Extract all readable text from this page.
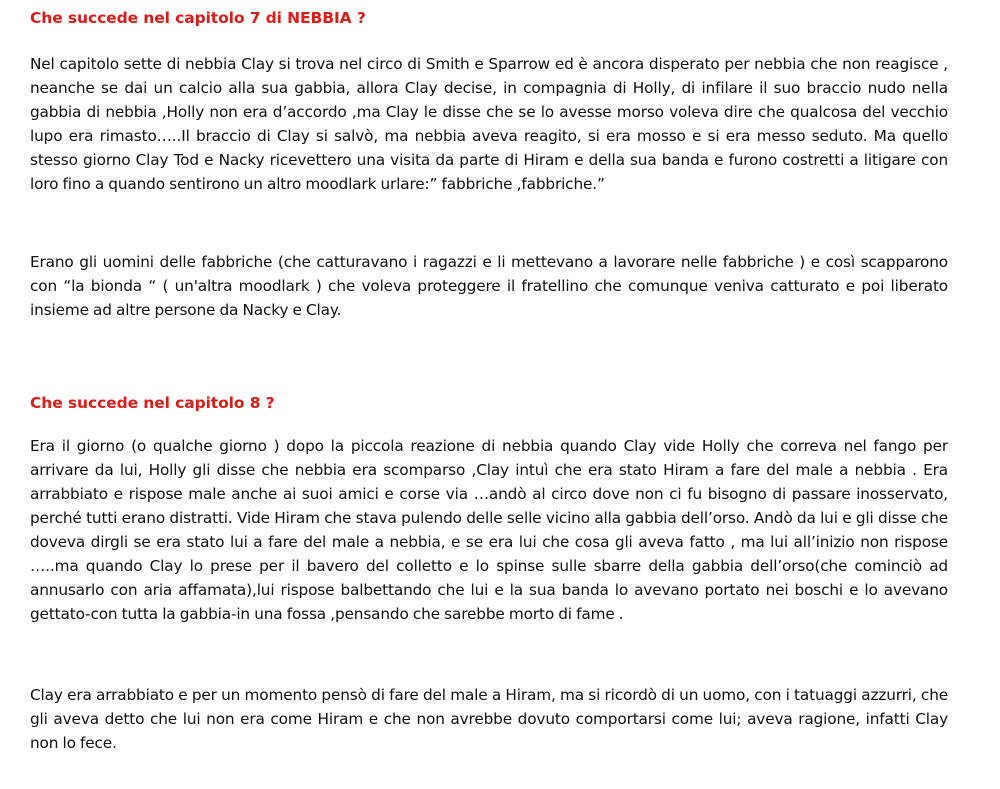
Che succede nel capitolo 7 di NEBBIA ?

Nel capitolo sette di nebbia Clay si trova nel circo di Smith e Sparrow ed è ancora disperato per nebbia che non reagisce , neanche se dai un calcio alla sua gabbia, allora Clay decise, in compagnia di Holly, di infilare il suo braccio nudo nella gabbia di nebbia ,Holly non era d’accordo ,ma Clay le disse che se lo avesse morso voleva dire che qualcosa del vecchio lupo era rimasto…..Il braccio di Clay si salvò, ma nebbia aveva reagito, si era mosso e si era messo seduto. Ma quello stesso giorno Clay Tod e Nacky ricevettero una visita da parte di Hiram e della sua banda e furono costretti a litigare con loro fino a quando sentirono un altro moodlark urlare:” fabbriche ,fabbriche.”

Erano gli uomini delle fabbriche (che catturavano i ragazzi e li mettevano a lavorare nelle fabbriche ) e così scapparono con “la bionda “ ( un'altra moodlark ) che voleva proteggere il fratellino che comunque veniva catturato e poi liberato insieme ad altre persone da Nacky e Clay.

Che succede nel capitolo 8 ?

Era il giorno (o qualche giorno ) dopo la piccola reazione di nebbia quando Clay vide Holly che correva nel fango per arrivare da lui, Holly gli disse che nebbia era scomparso ,Clay intuì che era stato Hiram a fare del male a nebbia . Era arrabbiato e rispose male anche ai suoi amici e corse via …andò al circo dove non ci fu bisogno di passare inosservato, perché tutti erano distratti. Vide Hiram che stava pulendo delle selle vicino alla gabbia dell’orso. Andò da lui e gli disse che doveva dirgli se era stato lui a fare del male a nebbia, e se era lui che cosa gli aveva fatto , ma lui all’inizio non rispose …..ma quando Clay lo prese per il bavero del colletto e lo spinse sulle sbarre della gabbia dell’orso(che cominciò ad annusarlo con aria affamata),lui rispose balbettando che lui e la sua banda lo avevano portato nei boschi e lo avevano gettato-con tutta la gabbia-in una fossa ,pensando che sarebbe morto di fame .

Clay era arrabbiato e per un momento pensò di fare del male a Hiram, ma si ricordò di un uomo, con i tatuaggi azzurri, che gli aveva detto che lui non era come Hiram e che non avrebbe dovuto comportarsi come lui; aveva ragione, infatti Clay non lo fece.
